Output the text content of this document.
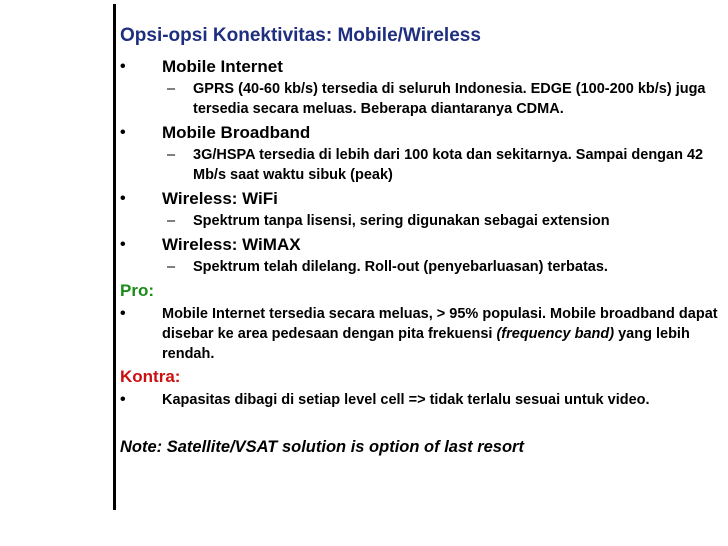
Opsi-opsi Konektivitas: Mobile/Wireless
• Mobile Internet
– GPRS (40-60 kb/s) tersedia di seluruh Indonesia. EDGE (100-200 kb/s) juga tersedia secara meluas. Beberapa diantaranya CDMA.
• Mobile Broadband
– 3G/HSPA tersedia di lebih dari 100 kota dan sekitarnya. Sampai dengan 42 Mb/s saat waktu sibuk (peak)
• Wireless: WiFi
– Spektrum tanpa lisensi, sering digunakan sebagai extension
• Wireless: WiMAX
– Spektrum telah dilelang. Roll-out (penyebarluasan) terbatas.
Pro:
•	Mobile Internet tersedia secara meluas, > 95% populasi. Mobile broadband dapat disebar ke area pedesaan dengan pita frekuensi (frequency band) yang lebih rendah.
Kontra:
•	Kapasitas dibagi di setiap level cell => tidak terlalu sesuai untuk video.
Note: Satellite/VSAT solution is option of last resort
